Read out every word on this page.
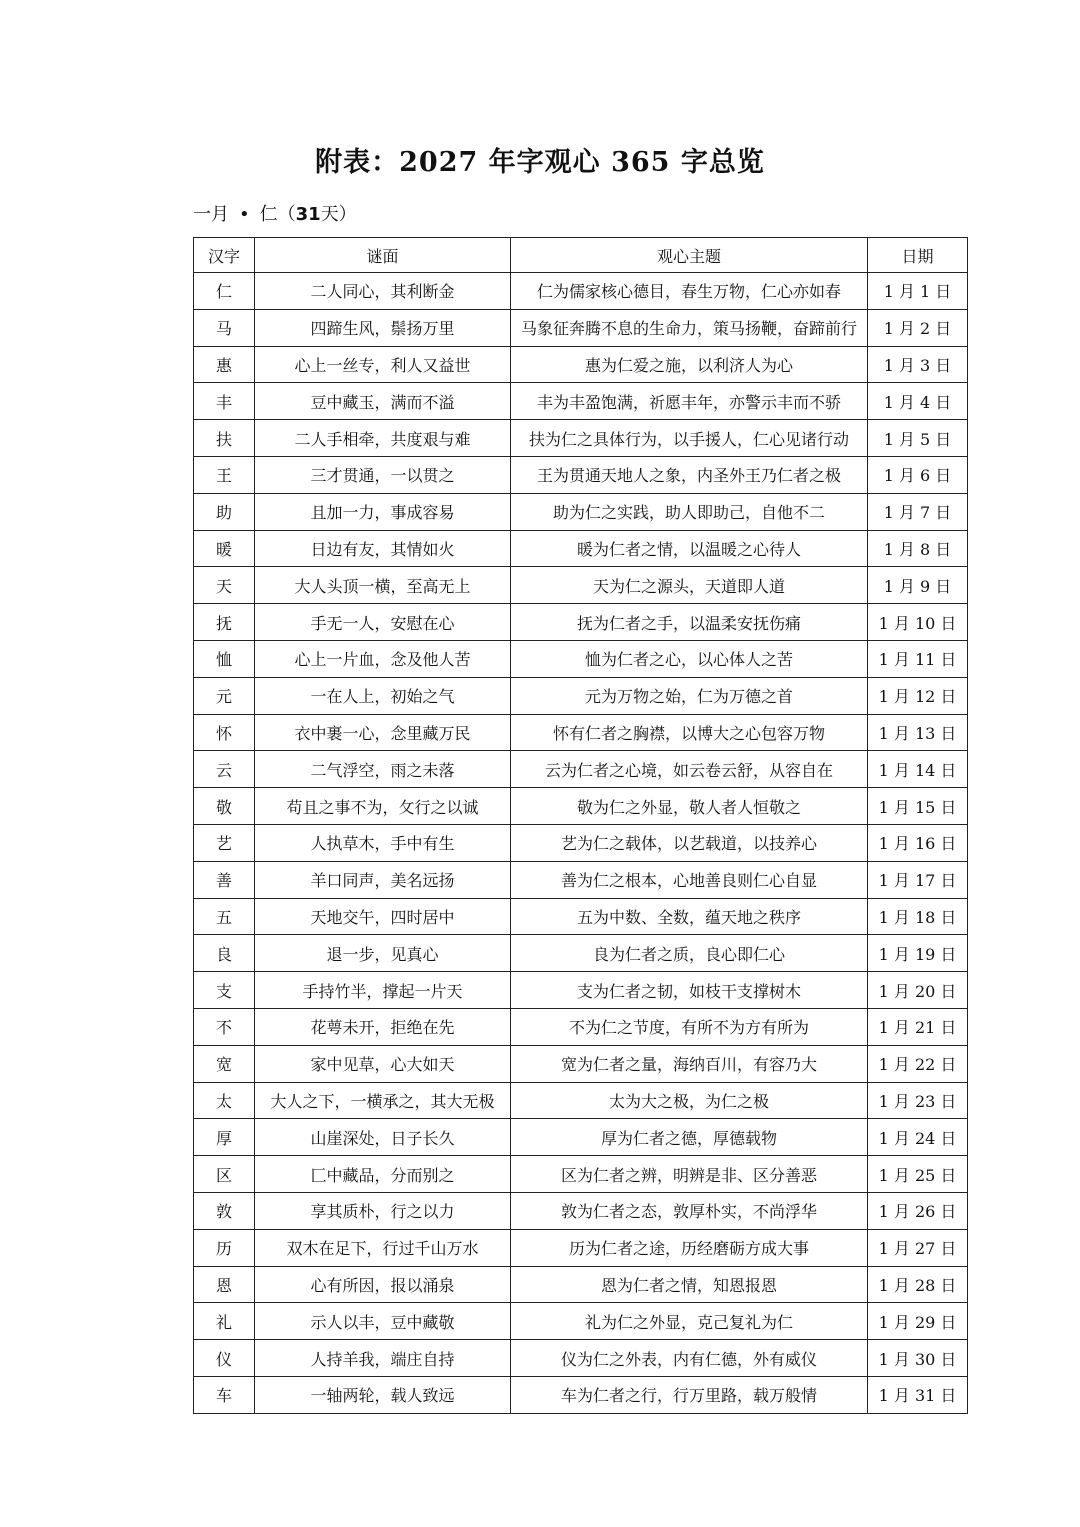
附表：2027 年字观心 365 字总览
一月 • 仁（31天）
汉字	谜面	观心主题	日期
仁	二人同心，其利断金	仁为儒家核心德目，春生万物，仁心亦如春	1 月 1 日
马	四蹄生风，鬃扬万里	马象征奔腾不息的生命力，策马扬鞭，奋蹄前行	1 月 2 日
惠	心上一丝专，利人又益世	惠为仁爱之施，以利济人为心	1 月 3 日
丰	豆中藏玉，满而不溢	丰为丰盈饱满，祈愿丰年，亦警示丰而不骄	1 月 4 日
扶	二人手相牵，共度艰与难	扶为仁之具体行为，以手援人，仁心见诸行动	1 月 5 日
王	三才贯通，一以贯之	王为贯通天地人之象，内圣外王乃仁者之极	1 月 6 日
助	且加一力，事成容易	助为仁之实践，助人即助己，自他不二	1 月 7 日
暖	日边有友，其情如火	暖为仁者之情，以温暖之心待人	1 月 8 日
天	大人头顶一横，至高无上	天为仁之源头，天道即人道	1 月 9 日
抚	手无一人，安慰在心	抚为仁者之手，以温柔安抚伤痛	1 月 10 日
恤	心上一片血，念及他人苦	恤为仁者之心，以心体人之苦	1 月 11 日
元	一在人上，初始之气	元为万物之始，仁为万德之首	1 月 12 日
怀	衣中裹一心，念里藏万民	怀有仁者之胸襟，以博大之心包容万物	1 月 13 日
云	二气浮空，雨之未落	云为仁者之心境，如云卷云舒，从容自在	1 月 14 日
敬	苟且之事不为，攵行之以诚	敬为仁之外显，敬人者人恒敬之	1 月 15 日
艺	人执草木，手中有生	艺为仁之载体，以艺载道，以技养心	1 月 16 日
善	羊口同声，美名远扬	善为仁之根本，心地善良则仁心自显	1 月 17 日
五	天地交午，四时居中	五为中数、全数，蕴天地之秩序	1 月 18 日
良	退一步，见真心	良为仁者之质，良心即仁心	1 月 19 日
支	手持竹半，撑起一片天	支为仁者之韧，如枝干支撑树木	1 月 20 日
不	花萼未开，拒绝在先	不为仁之节度，有所不为方有所为	1 月 21 日
宽	家中见草，心大如天	宽为仁者之量，海纳百川，有容乃大	1 月 22 日
太	大人之下，一横承之，其大无极	太为大之极，为仁之极	1 月 23 日
厚	山崖深处，日子长久	厚为仁者之德，厚德载物	1 月 24 日
区	匚中藏品，分而别之	区为仁者之辨，明辨是非、区分善恶	1 月 25 日
敦	享其质朴，行之以力	敦为仁者之态，敦厚朴实，不尚浮华	1 月 26 日
历	双木在足下，行过千山万水	历为仁者之途，历经磨砺方成大事	1 月 27 日
恩	心有所因，报以涌泉	恩为仁者之情，知恩报恩	1 月 28 日
礼	示人以丰，豆中藏敬	礼为仁之外显，克己复礼为仁	1 月 29 日
仪	人持羊我，端庄自持	仪为仁之外表，内有仁德，外有威仪	1 月 30 日
车	一轴两轮，载人致远	车为仁者之行，行万里路，载万般情	1 月 31 日
